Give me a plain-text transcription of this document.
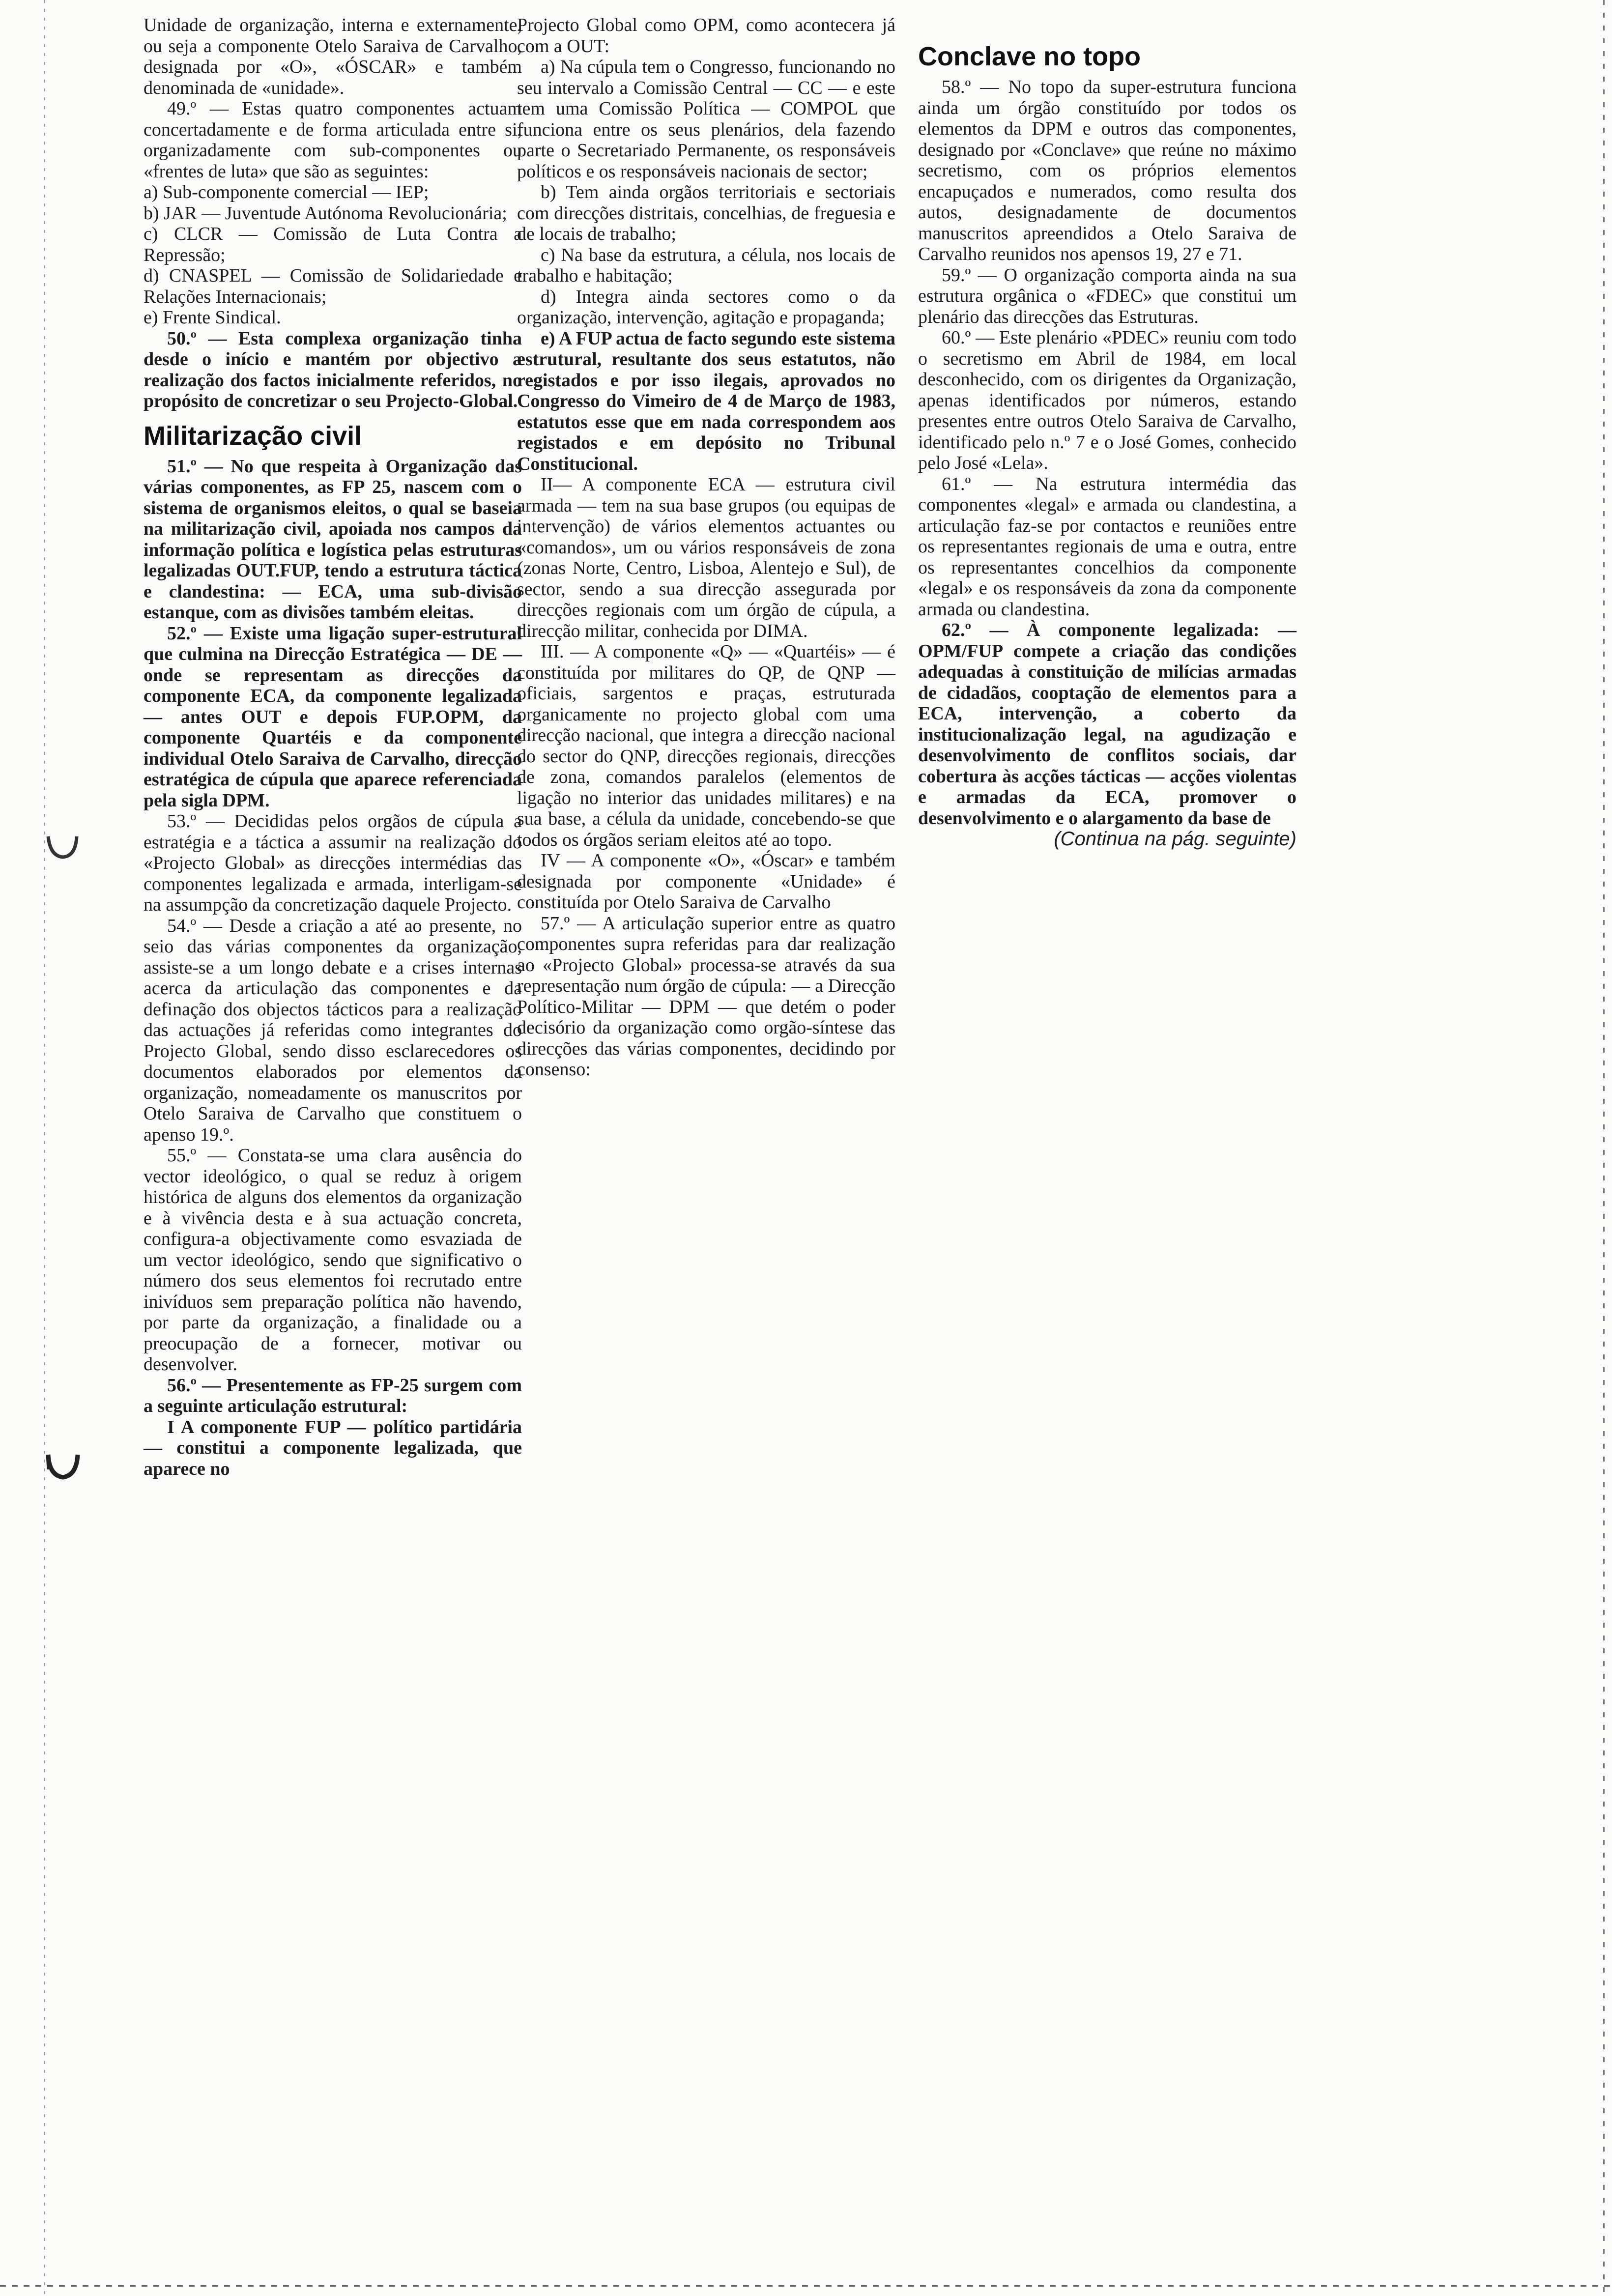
Unidade de organização, interna e externamente, ou seja a componente Otelo Saraiva de Carvalho, designada por «O», «ÓSCAR» e também denominada de «unidade».

49.º — Estas quatro componentes actuam concertadamente e de forma articulada entre si, organizadamente com sub-componentes ou «frentes de luta» que são as seguintes:

a) Sub-componente comercial — IEP;

b) JAR — Juventude Autónoma Revolucionária;

c) CLCR — Comissão de Luta Contra a Repressão;

d) CNASPEL — Comissão de Solidariedade e Relações Internacionais;

e) Frente Sindical.

50.º — Esta complexa organização tinha desde o início e mantém por objectivo a realização dos factos inicialmente referidos, no propósito de concretizar o seu Projecto-Global.

Militarização civil

51.º — No que respeita à Organização das várias componentes, as FP 25, nascem com o sistema de organismos eleitos, o qual se baseia na militarização civil, apoiada nos campos da informação política e logística pelas estruturas legalizadas OUT.FUP, tendo a estrutura táctica e clandestina: — ECA, uma sub-divisão estanque, com as divisões também eleitas.

52.º — Existe uma ligação super-estrutural que culmina na Direcção Estratégica — DE — onde se representam as direcções da componente ECA, da componente legalizada — antes OUT e depois FUP.OPM, da componente Quartéis e da componente individual Otelo Saraiva de Carvalho, direcção estratégica de cúpula que aparece referenciada pela sigla DPM.

53.º — Decididas pelos orgãos de cúpula a estratégia e a táctica a assumir na realização do «Projecto Global» as direcções intermédias das componentes legalizada e armada, interligam-se na assumpção da concretização daquele Projecto.

54.º — Desde a criação a até ao presente, no seio das várias componentes da organização, assiste-se a um longo debate e a crises internas acerca da articulação das componentes e da definação dos objectos tácticos para a realização das actuações já referidas como integrantes do Projecto Global, sendo disso esclarecedores os documentos elaborados por elementos da organização, nomeadamente os manuscritos por Otelo Saraiva de Carvalho que constituem o apenso 19.º.

55.º — Constata-se uma clara ausência do vector ideológico, o qual se reduz à origem histórica de alguns dos elementos da organização e à vivência desta e à sua actuação concreta, configura-a objectivamente como esvaziada de um vector ideológico, sendo que significativo o número dos seus elementos foi recrutado entre inivíduos sem preparação política não havendo, por parte da organização, a finalidade ou a preocupação de a fornecer, motivar ou desenvolver.

56.º — Presentemente as FP-25 surgem com a seguinte articulação estrutural:

I A componente FUP — político partidária — constitui a componente legalizada, que aparece no

Projecto Global como OPM, como acontecera já com a OUT:

a) Na cúpula tem o Congresso, funcionando no seu intervalo a Comissão Central — CC — e este tem uma Comissão Política — COMPOL que funciona entre os seus plenários, dela fazendo parte o Secretariado Permanente, os responsáveis políticos e os responsáveis nacionais de sector;

b) Tem ainda orgãos territoriais e sectoriais com direcções distritais, concelhias, de freguesia e de locais de trabalho;

c) Na base da estrutura, a célula, nos locais de trabalho e habitação;

d) Integra ainda sectores como o da organização, intervenção, agitação e propaganda;

e) A FUP actua de facto segundo este sistema estrutural, resultante dos seus estatutos, não registados e por isso ilegais, aprovados no Congresso do Vimeiro de 4 de Março de 1983, estatutos esse que em nada correspondem aos registados e em depósito no Tribunal Constitucional.

II— A componente ECA — estrutura civil armada — tem na sua base grupos (ou equipas de intervenção) de vários elementos actuantes ou «comandos», um ou vários responsáveis de zona (zonas Norte, Centro, Lisboa, Alentejo e Sul), de sector, sendo a sua direcção assegurada por direcções regionais com um órgão de cúpula, a direcção militar, conhecida por DIMA.

III. — A componente «Q» — «Quartéis» — é constituída por militares do QP, de QNP — oficiais, sargentos e praças, estruturada organicamente no projecto global com uma direcção nacional, que integra a direcção nacional do sector do QNP, direcções regionais, direcções de zona, comandos paralelos (elementos de ligação no interior das unidades militares) e na sua base, a célula da unidade, concebendo-se que todos os órgãos seriam eleitos até ao topo.

IV — A componente «O», «Óscar» e também designada por componente «Unidade» é constituída por Otelo Saraiva de Carvalho

57.º — A articulação superior entre as quatro componentes supra referidas para dar realização ao «Projecto Global» processa-se através da sua representação num órgão de cúpula: — a Direcção Político-Militar — DPM — que detém o poder decisório da organização como orgão-síntese das direcções das várias componentes, decidindo por consenso:

Conclave no topo

58.º — No topo da super-estrutura funciona ainda um órgão constituído por todos os elementos da DPM e outros das componentes, designado por «Conclave» que reúne no máximo secretismo, com os próprios elementos encapuçados e numerados, como resulta dos autos, designadamente de documentos manuscritos apreendidos a Otelo Saraiva de Carvalho reunidos nos apensos 19, 27 e 71.

59.º — O organização comporta ainda na sua estrutura orgânica o «FDEC» que constitui um plenário das direcções das Estruturas.

60.º — Este plenário «PDEC» reuniu com todo o secretismo em Abril de 1984, em local desconhecido, com os dirigentes da Organização, apenas identificados por números, estando presentes entre outros Otelo Saraiva de Carvalho, identificado pelo n.º 7 e o José Gomes, conhecido pelo José «Lela».

61.º — Na estrutura intermédia das componentes «legal» e armada ou clandestina, a articulação faz-se por contactos e reuniões entre os representantes regionais de uma e outra, entre os representantes concelhios da componente «legal» e os responsáveis da zona da componente armada ou clandestina.

62.º — À componente legalizada: — OPM/FUP compete a criação das condições adequadas à constituição de milícias armadas de cidadãos, cooptação de elementos para a ECA, intervenção, a coberto da institucionalização legal, na agudização e desenvolvimento de conflitos sociais, dar cobertura às acções tácticas — acções violentas e armadas da ECA, promover o desenvolvimento e o alargamento da base de

(Continua na pág. seguinte)
